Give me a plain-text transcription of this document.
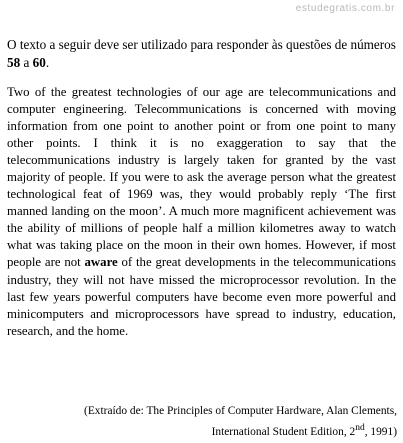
estudegratis.com.br

O texto a seguir deve ser utilizado para responder às questões de números 58 a 60.

Two of the greatest technologies of our age are telecommunications and computer engineering. Telecommunications is concerned with moving information from one point to another point or from one point to many other points. I think it is no exaggeration to say that the telecommunications industry is largely taken for granted by the vast majority of people. If you were to ask the average person what the greatest technological feat of 1969 was, they would probably reply ‘The first manned landing on the moon’. A much more magnificent achievement was the ability of millions of people half a million kilometres away to watch what was taking place on the moon in their own homes. However, if most people are not aware of the great developments in the telecommunications industry, they will not have missed the microprocessor revolution. In the last few years powerful computers have become even more powerful and minicomputers and microprocessors have spread to industry, education, research, and the home.

(Extraído de: The Principles of Computer Hardware, Alan Clements,
International Student Edition, 2nd, 1991)
